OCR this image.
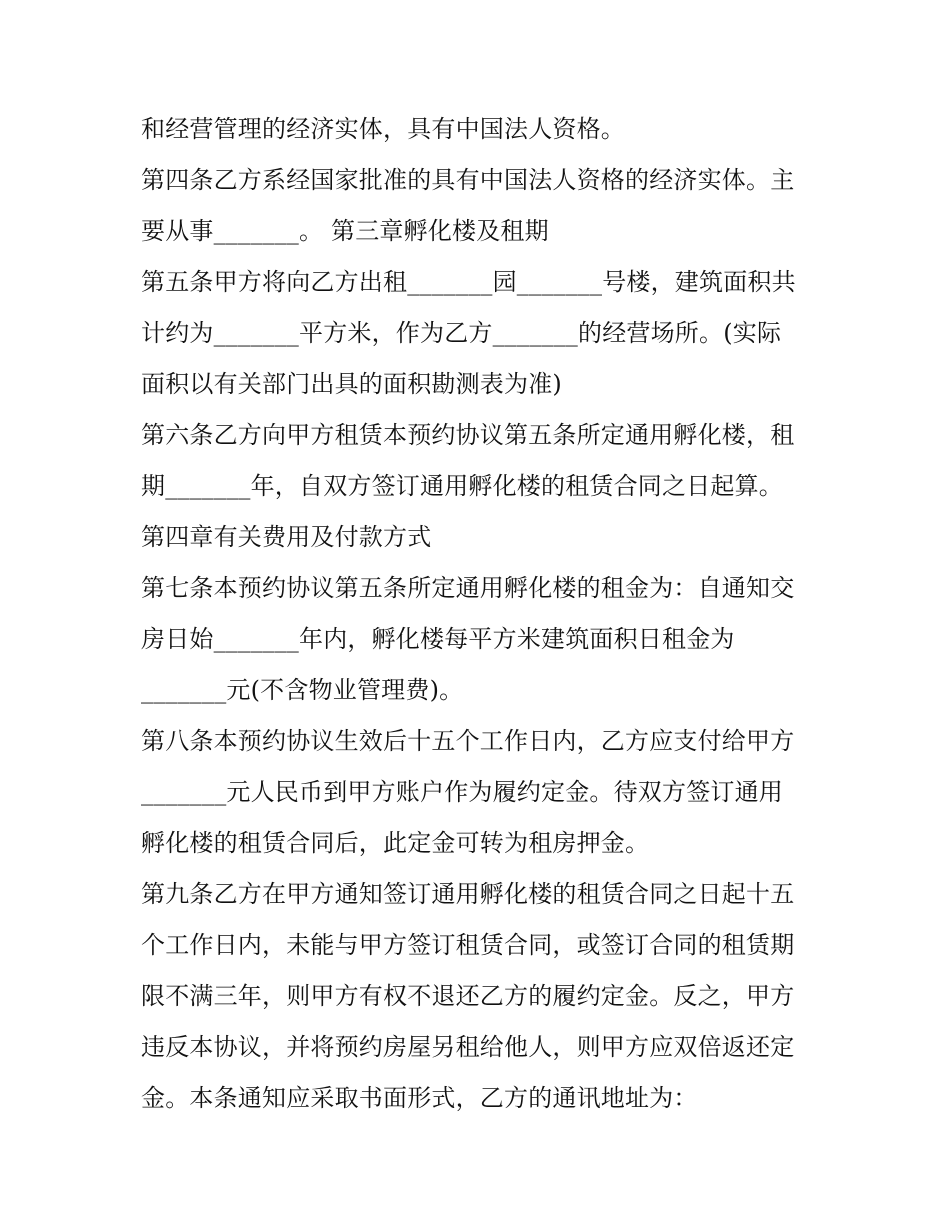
和经营管理的经济实体，具有中国法人资格。
第四条乙方系经国家批准的具有中国法人资格的经济实体。主
要从事_______。 第三章孵化楼及租期
第五条甲方将向乙方出租_______园_______号楼，建筑面积共
计约为_______平方米，作为乙方_______的经营场所。(实际
面积以有关部门出具的面积勘测表为准)
第六条乙方向甲方租赁本预约协议第五条所定通用孵化楼，租
期_______年，自双方签订通用孵化楼的租赁合同之日起算。
第四章有关费用及付款方式
第七条本预约协议第五条所定通用孵化楼的租金为：自通知交
房日始_______年内，孵化楼每平方米建筑面积日租金为
_______元(不含物业管理费)。
第八条本预约协议生效后十五个工作日内，乙方应支付给甲方
_______元人民币到甲方账户作为履约定金。待双方签订通用
孵化楼的租赁合同后，此定金可转为租房押金。
第九条乙方在甲方通知签订通用孵化楼的租赁合同之日起十五
个工作日内，未能与甲方签订租赁合同，或签订合同的租赁期
限不满三年，则甲方有权不退还乙方的履约定金。反之，甲方
违反本协议，并将预约房屋另租给他人，则甲方应双倍返还定
金。本条通知应采取书面形式，乙方的通讯地址为：
